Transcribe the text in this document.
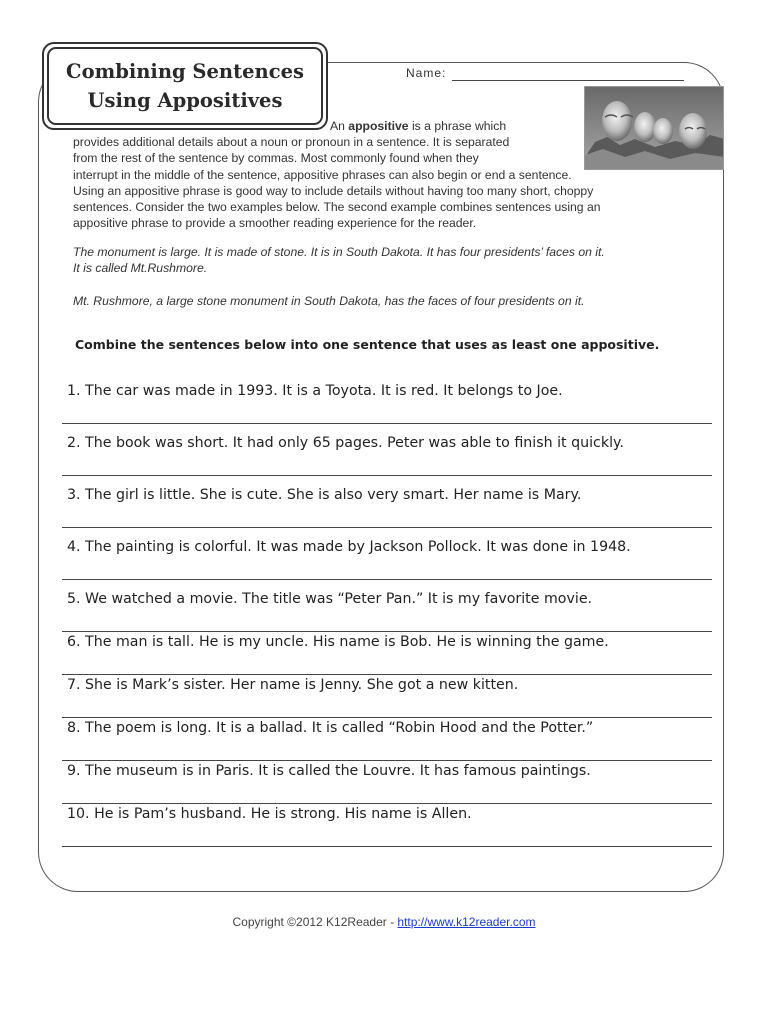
Combining Sentences
Using Appositives
Name:
An appositive is a phrase which
provides additional details about a noun or pronoun in a sentence. It is separated
from the rest of the sentence by commas. Most commonly found when they
interrupt in the middle of the sentence, appositive phrases can also begin or end a sentence.
Using an appositive phrase is good way to include details without having too many short, choppy
sentences. Consider the two examples below. The second example combines sentences using an
appositive phrase to provide a smoother reading experience for the reader.
The monument is large. It is made of stone. It is in South Dakota. It has four presidents’ faces on it.
It is called Mt.Rushmore.
Mt. Rushmore, a large stone monument in South Dakota, has the faces of four presidents on it.
Combine the sentences below into one sentence that uses as least one appositive.
1. The car was made in 1993. It is a Toyota. It is red. It belongs to Joe.
2. The book was short. It had only 65 pages. Peter was able to finish it quickly.
3. The girl is little. She is cute. She is also very smart. Her name is Mary.
4. The painting is colorful. It was made by Jackson Pollock. It was done in 1948.
5. We watched a movie. The title was “Peter Pan.” It is my favorite movie.
6. The man is tall. He is my uncle. His name is Bob. He is winning the game.
7. She is Mark’s sister. Her name is Jenny. She got a new kitten.
8. The poem is long. It is a ballad. It is called “Robin Hood and the Potter.”
9. The museum is in Paris. It is called the Louvre. It has famous paintings.
10. He is Pam’s husband. He is strong. His name is Allen.
Copyright ©2012 K12Reader - http://www.k12reader.com
